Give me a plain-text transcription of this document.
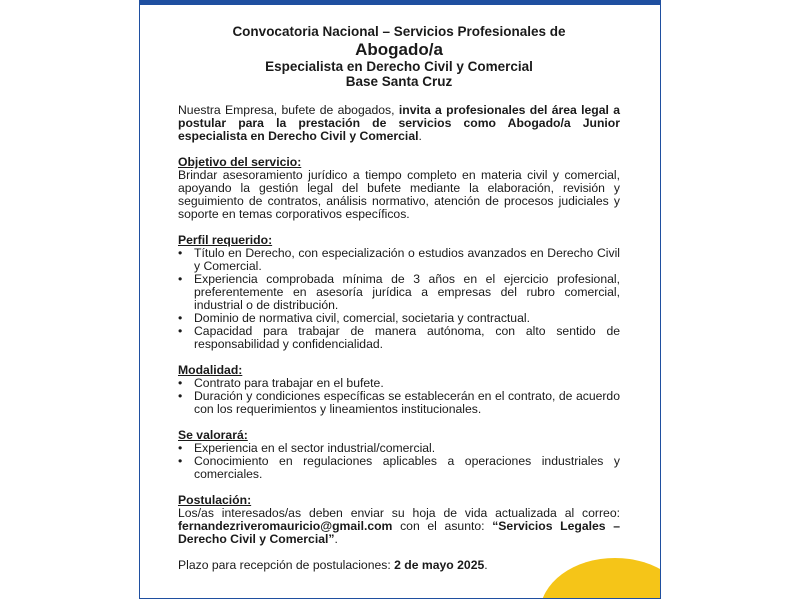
Convocatoria Nacional – Servicios Profesionales de
Abogado/a
Especialista en Derecho Civil y Comercial
Base Santa Cruz

Nuestra Empresa, bufete de abogados, invita a profesionales del área legal a postular para la prestación de servicios como Abogado/a Junior especialista en Derecho Civil y Comercial.

Objetivo del servicio:

Brindar asesoramiento jurídico a tiempo completo en materia civil y comercial, apoyando la gestión legal del bufete mediante la elaboración, revisión y seguimiento de contratos, análisis normativo, atención de procesos judiciales y soporte en temas corporativos específicos.

Perfil requerido:
• Título en Derecho, con especialización o estudios avanzados en Derecho Civil y Comercial.
• Experiencia comprobada mínima de 3 años en el ejercicio profesional, preferentemente en asesoría jurídica a empresas del rubro comercial, industrial o de distribución.
• Dominio de normativa civil, comercial, societaria y contractual.
• Capacidad para trabajar de manera autónoma, con alto sentido de responsabilidad y confidencialidad.
Modalidad:
• Contrato para trabajar en el bufete.
• Duración y condiciones específicas se establecerán en el contrato, de acuerdo con los requerimientos y lineamientos institucionales.
Se valorará:
• Experiencia en el sector industrial/comercial.
• Conocimiento en regulaciones aplicables a operaciones industriales y comerciales.
Postulación:

Los/as interesados/as deben enviar su hoja de vida actualizada al correo: fernandezriveromauricio@gmail.com con el asunto: “Servicios Legales – Derecho Civil y Comercial”.

Plazo para recepción de postulaciones: 2 de mayo 2025.
